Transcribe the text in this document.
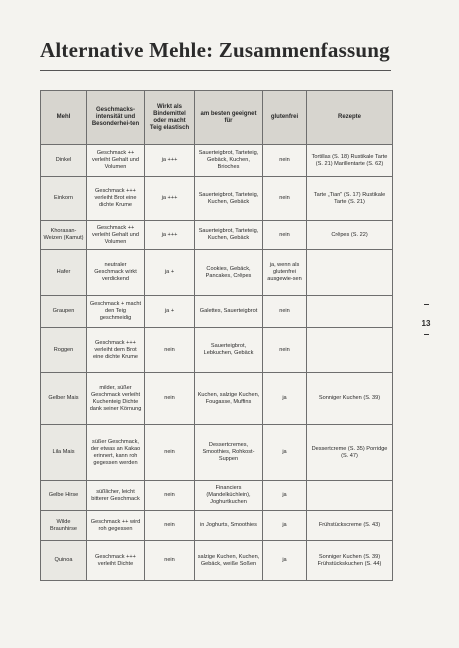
Alternative Mehle: Zusammenfassung
Mehl	Geschmacks-intensität und Besonderhei-ten	Wirkt als Bindemittel oder macht Teig elastisch	am besten geeignet für	glutenfrei	Rezepte
Dinkel	Geschmack ++ verleiht Gehalt und Volumen	ja +++	Sauerteigbrot, Tarteteig, Gebäck, Kuchen, Brioches	nein	Tortillas (S. 18) Rustikale Tarte (S. 21) Marillentarte (S. 62)
Einkorn	Geschmack +++ verleiht Brot eine dichte Krume	ja +++	Sauerteigbrot, Tarteteig, Kuchen, Gebäck	nein	Tarte „Tian" (S. 17) Rustikale Tarte (S. 21)
Khorasan-Weizen (Kamut)	Geschmack ++ verleiht Gehalt und Volumen	ja +++	Sauerteigbrot, Tarteteig, Kuchen, Gebäck	nein	Crêpes (S. 22)
Hafer	neutraler Geschmack wirkt verdickend	ja +	Cookies, Gebäck, Pancakes, Crêpes	ja, wenn als glutenfrei ausgewie-sen	
Graupen	Geschmack + macht den Teig geschmeidig	ja +	Galettes, Sauerteigbrot	nein	
Roggen	Geschmack +++ verleiht dem Brot eine dichte Krume	nein	Sauerteigbrot, Lebkuchen, Gebäck	nein	
Gelber Mais	milder, süßer Geschmack verleiht Kuchenteig Dichte dank seiner Körnung	nein	Kuchen, salzige Kuchen, Fougasse, Muffins	ja	Sonniger Kuchen (S. 39)
Lila Mais	süßer Geschmack, der etwas an Kakao erinnert, kann roh gegessen werden	nein	Dessertcremes, Smoothies, Rohkost-Suppen	ja	Dessertcreme (S. 35) Porridge (S. 47)
Gelbe Hirse	süßlicher, leicht bitterer Geschmack	nein	Financiers (Mandelküchlein), Joghurtkuchen	ja	
Wilde Braunhirse	Geschmack ++ wird roh gegessen	nein	in Joghurts, Smoothies	ja	Frühstückscreme (S. 43)
Quinoa	Geschmack +++ verleiht Dichte	nein	salzige Kuchen, Kuchen, Gebäck, weiße Soßen	ja	Sonniger Kuchen (S. 39) Frühstückskuchen (S. 44)
13
